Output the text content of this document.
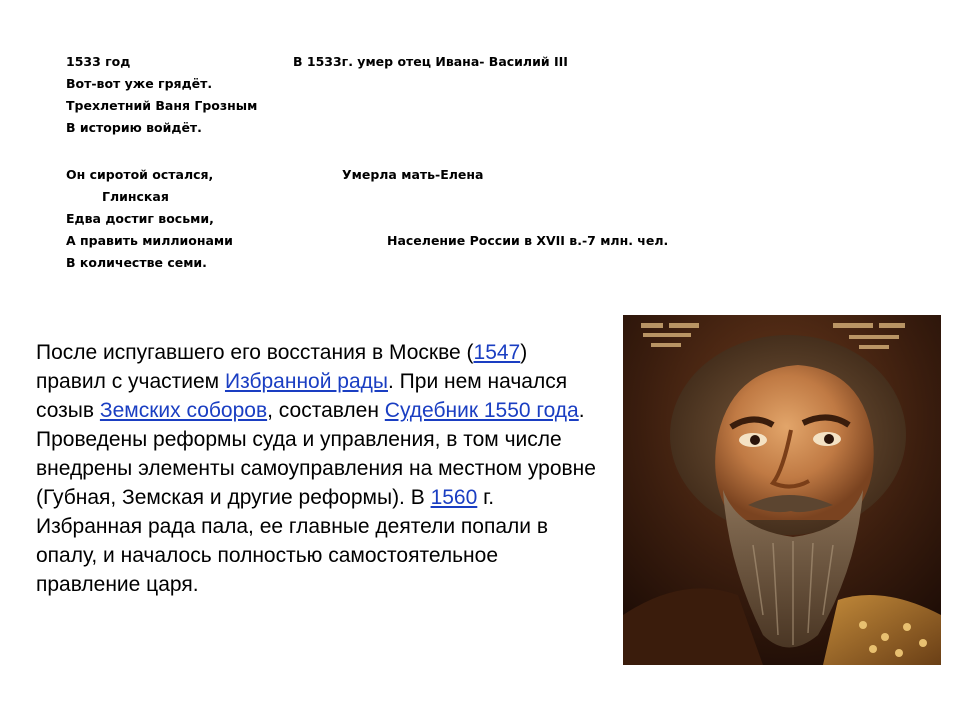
1533 год	В 1533г. умер отец Ивана- Василий III
Вот-вот уже грядёт.
Трехлетний Ваня Грозным
В историю войдёт.
Он сиротой остался,	Умерла мать-Елена
Глинская
Едва достиг восьми,
А править миллионами	Население России в XVII в.-7 млн. чел.
В количестве семи.
После испугавшего его восстания в Москве (1547) правил с участием Избранной рады. При нем начался созыв Земских соборов, составлен Судебник 1550 года. Проведены реформы суда и управления, в том числе внедрены элементы самоуправления на местном уровне (Губная, Земская и другие реформы). В 1560 г. Избранная рада пала, ее главные деятели попали в опалу, и началось полностью самостоятельное правление царя.
